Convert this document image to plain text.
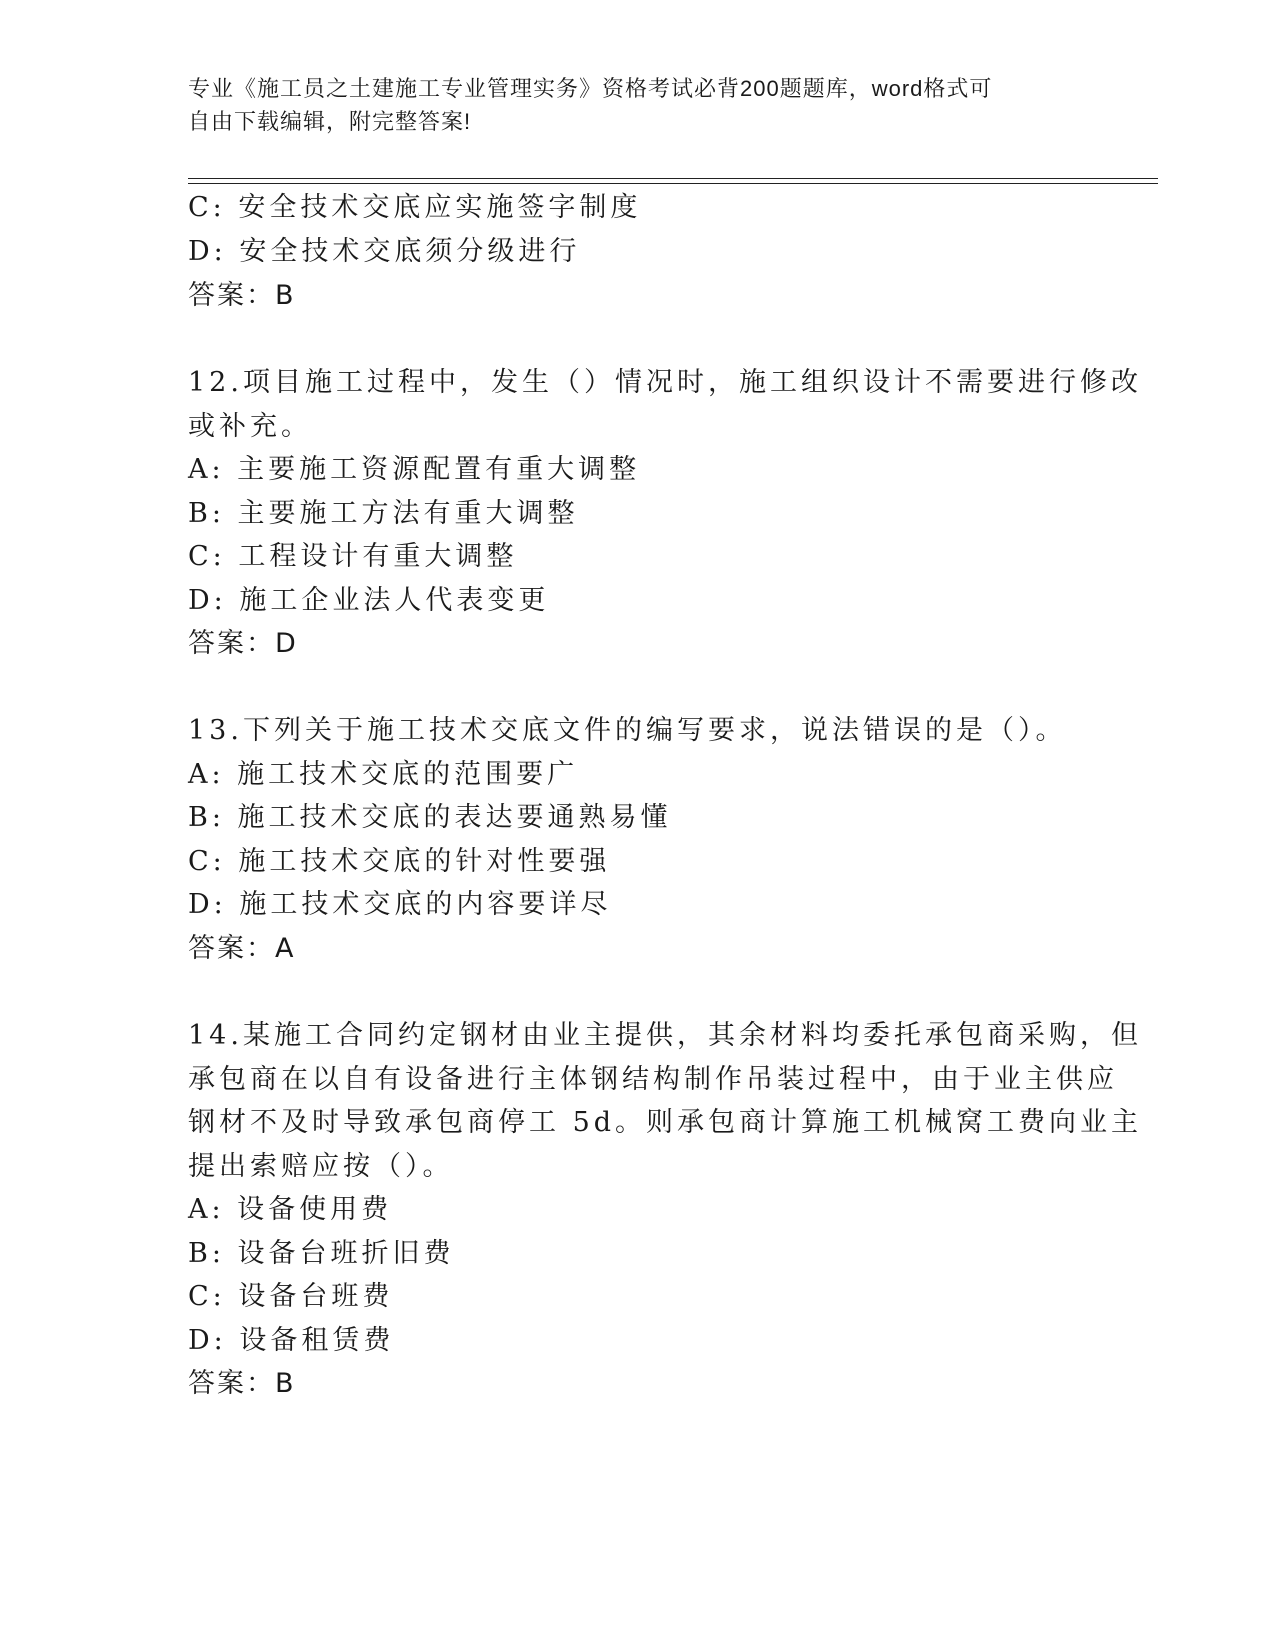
专业《施工员之土建施工专业管理实务》资格考试必背200题题库，word格式可
自由下载编辑，附完整答案!
C: 安全技术交底应实施签字制度
D: 安全技术交底须分级进行
答案：B
12.项目施工过程中，发生（）情况时，施工组织设计不需要进行修改
或补充。
A: 主要施工资源配置有重大调整
B: 主要施工方法有重大调整
C: 工程设计有重大调整
D: 施工企业法人代表变更
答案：D
13.下列关于施工技术交底文件的编写要求，说法错误的是（）。
A: 施工技术交底的范围要广
B: 施工技术交底的表达要通熟易懂
C: 施工技术交底的针对性要强
D: 施工技术交底的内容要详尽
答案：A
14.某施工合同约定钢材由业主提供，其余材料均委托承包商采购，但
承包商在以自有设备进行主体钢结构制作吊装过程中，由于业主供应
钢材不及时导致承包商停工 5d。则承包商计算施工机械窝工费向业主
提出索赔应按（）。
A: 设备使用费
B: 设备台班折旧费
C: 设备台班费
D: 设备租赁费
答案：B
